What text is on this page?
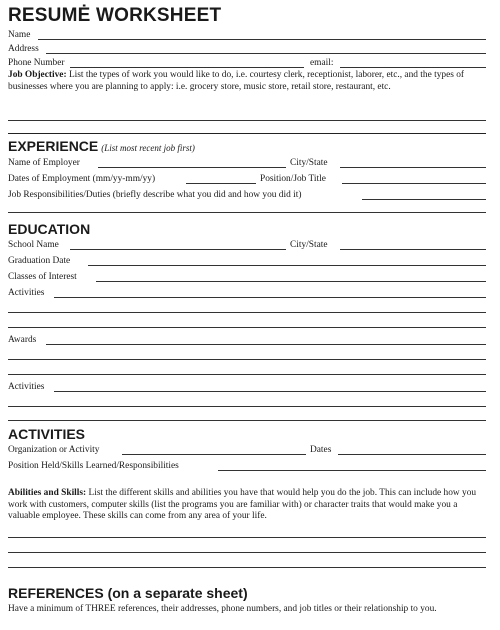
RESUMĖ WORKSHEET
Name
Address
Phone Number	email:
Job Objective: List the types of work you would like to do, i.e. courtesy clerk, receptionist, laborer, etc., and the types of businesses where you are planning to apply: i.e. grocery store, music store, retail store, restaurant, etc.
EXPERIENCE (List most recent job first)
Name of Employer	City/State
Dates of Employment (mm/yy-mm/yy)	Position/Job Title
Job Responsibilities/Duties (briefly describe what you did and how you did it)
EDUCATION
School Name	City/State
Graduation Date
Classes of Interest
Activities
Awards
Activities
ACTIVITIES
Organization or Activity	Dates
Position Held/Skills Learned/Responsibilities
Abilities and Skills: List the different skills and abilities you have that would help you do the job. This can include how you work with customers, computer skills (list the programs you are familiar with) or character traits that would make you a valuable employee. These skills can come from any area of your life.
REFERENCES (on a separate sheet)
Have a minimum of THREE references, their addresses, phone numbers, and job titles or their relationship to you.
